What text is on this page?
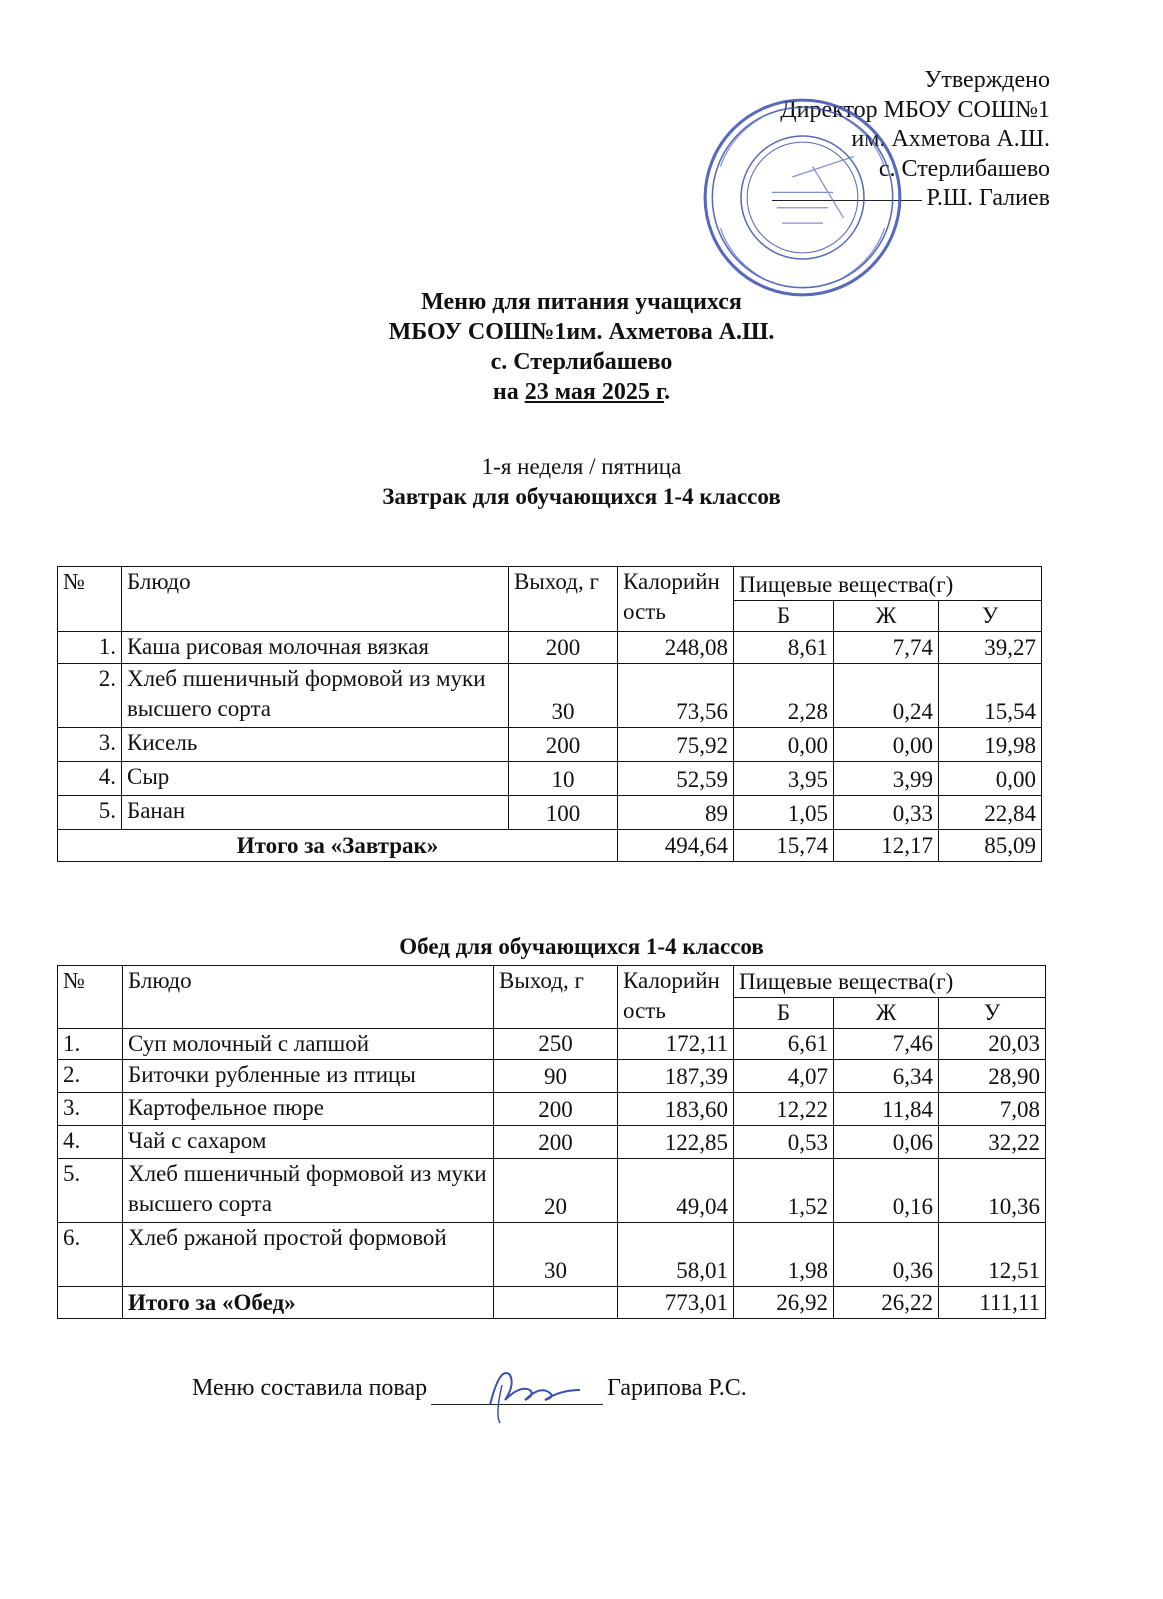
Утверждено
Директор МБОУ СОШ№1
им. Ахметова А.Ш.
с. Стерлибашево
Р.Ш. Галиев
Меню для питания учащихся
МБОУ СОШ№1им. Ахметова А.Ш.
с. Стерлибашево
на 23 мая 2025 г.
1-я неделя / пятница
Завтрак для обучающихся 1-4 классов
№	Блюдо	Выход, г	Калорийность	Пищевые вещества(г)		
				Б	Ж	У
1.	Каша рисовая молочная вязкая	200	248,08	8,61	7,74	39,27
2.	Хлеб пшеничный формовой из муки высшего сорта	30	73,56	2,28	0,24	15,54
3.	Кисель	200	75,92	0,00	0,00	19,98
4.	Сыр	10	52,59	3,95	3,99	0,00
5.	Банан	100	89	1,05	0,33	22,84
Итого за «Завтрак»			494,64	15,74	12,17	85,09
Обед для обучающихся 1-4 классов
№	Блюдо	Выход, г	Калорийность	Пищевые вещества(г)		
				Б	Ж	У
1.	Суп молочный с лапшой	250	172,11	6,61	7,46	20,03
2.	Биточки рубленные из птицы	90	187,39	4,07	6,34	28,90
3.	Картофельное пюре	200	183,60	12,22	11,84	7,08
4.	Чай с сахаром	200	122,85	0,53	0,06	32,22
5.	Хлеб пшеничный формовой из муки высшего сорта	20	49,04	1,52	0,16	10,36
6.	Хлеб ржаной простой формовой	30	58,01	1,98	0,36	12,51
	Итого за «Обед»		773,01	26,92	26,22	111,11
Меню составила повар	Гарипова Р.С.
